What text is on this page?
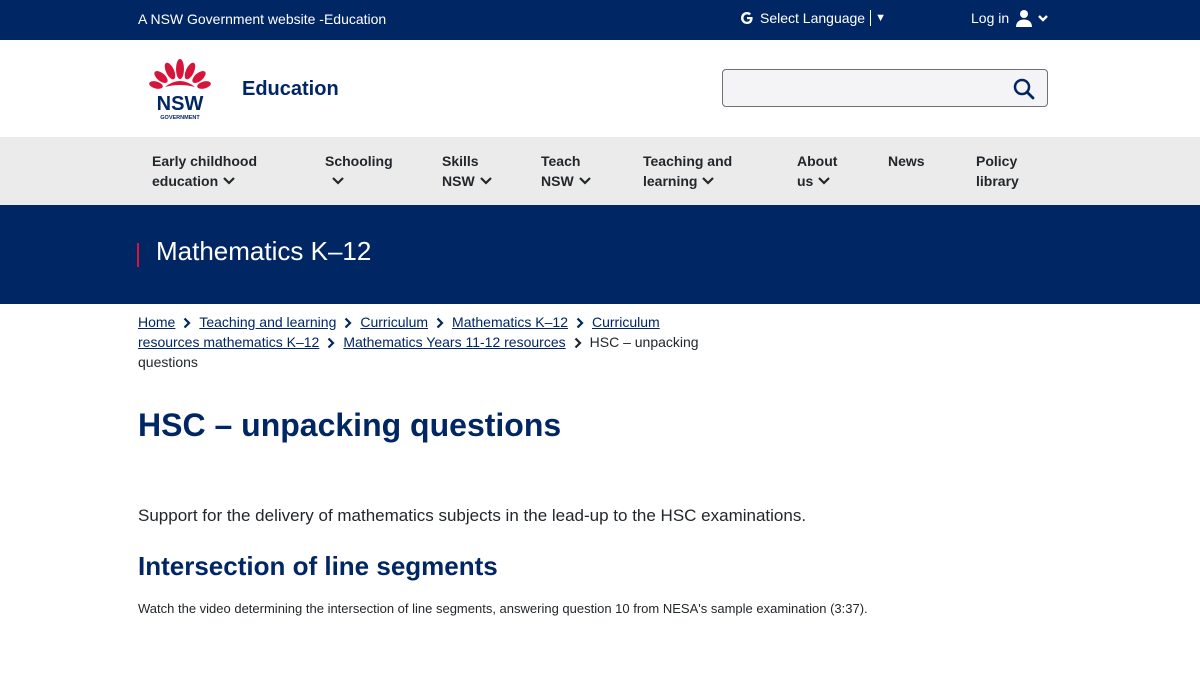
A NSW Government website -Education	Select Language ▼	Log in
NSW
GOVERNMENT
Education
Early childhood
education
Schooling	Skills
NSW
Teach
NSW
Teaching and
learning
About
us
News	Policy
library
Mathematics K–12
Home Teaching and learning Curriculum Mathematics K–12 Curriculum resources mathematics K–12 Mathematics Years 11-12 resources HSC – unpacking questions
HSC – unpacking questions
Support for the delivery of mathematics subjects in the lead-up to the HSC examinations.
Intersection of line segments
Watch the video determining the intersection of line segments, answering question 10 from NESA's sample examination (3:37).
